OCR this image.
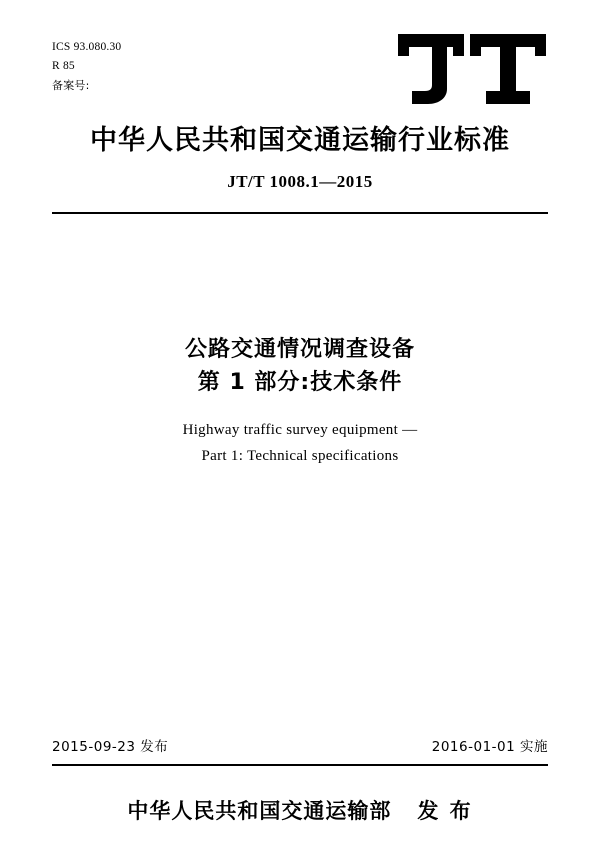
ICS 93.080.30
R 85
备案号:
中华人民共和国交通运输行业标准
JT/T 1008.1—2015
公路交通情况调查设备
第 1 部分:技术条件
Highway traffic survey equipment —
Part 1: Technical specifications
2015-09-23 发布	2016-01-01 实施
中华人民共和国交通运输部 发 布
